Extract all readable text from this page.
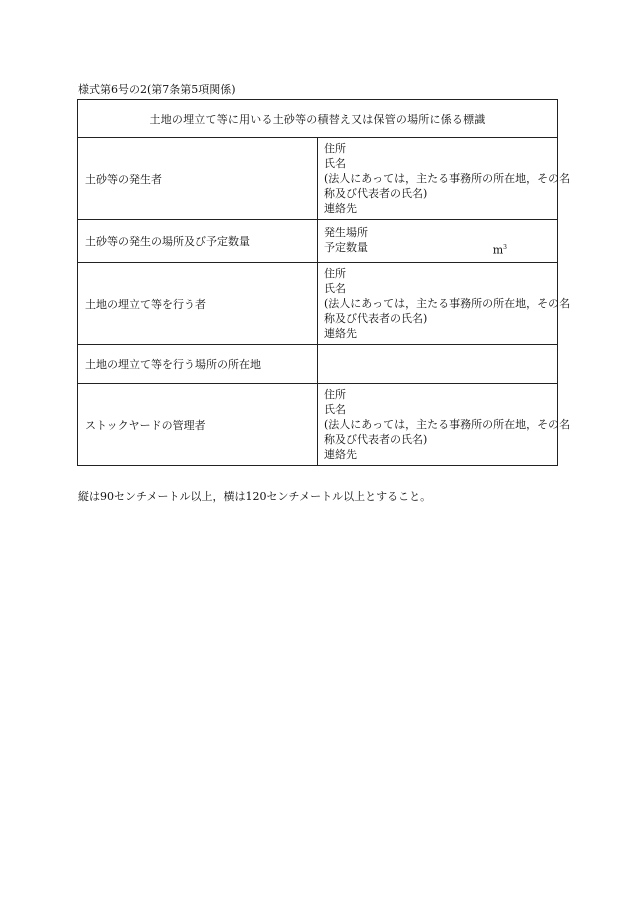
様式第6号の2(第7条第5項関係)
土地の埋立て等に用いる土砂等の積替え又は保管の場所に係る標識	
土砂等の発生者	住所
氏名
(法人にあっては，主たる事務所の所在地，その名
称及び代表者の氏名)
連絡先

土砂等の発生の場所及び予定数量	発生場所
予定数量 $m^3$

土地の埋立て等を行う者	住所
氏名
(法人にあっては，主たる事務所の所在地，その名
称及び代表者の氏名)
連絡先

土地の埋立て等を行う場所の所在地	
ストックヤードの管理者	住所
氏名
(法人にあっては，主たる事務所の所在地，その名
称及び代表者の氏名)
連絡先
縦は90センチメートル以上，横は120センチメートル以上とすること。
